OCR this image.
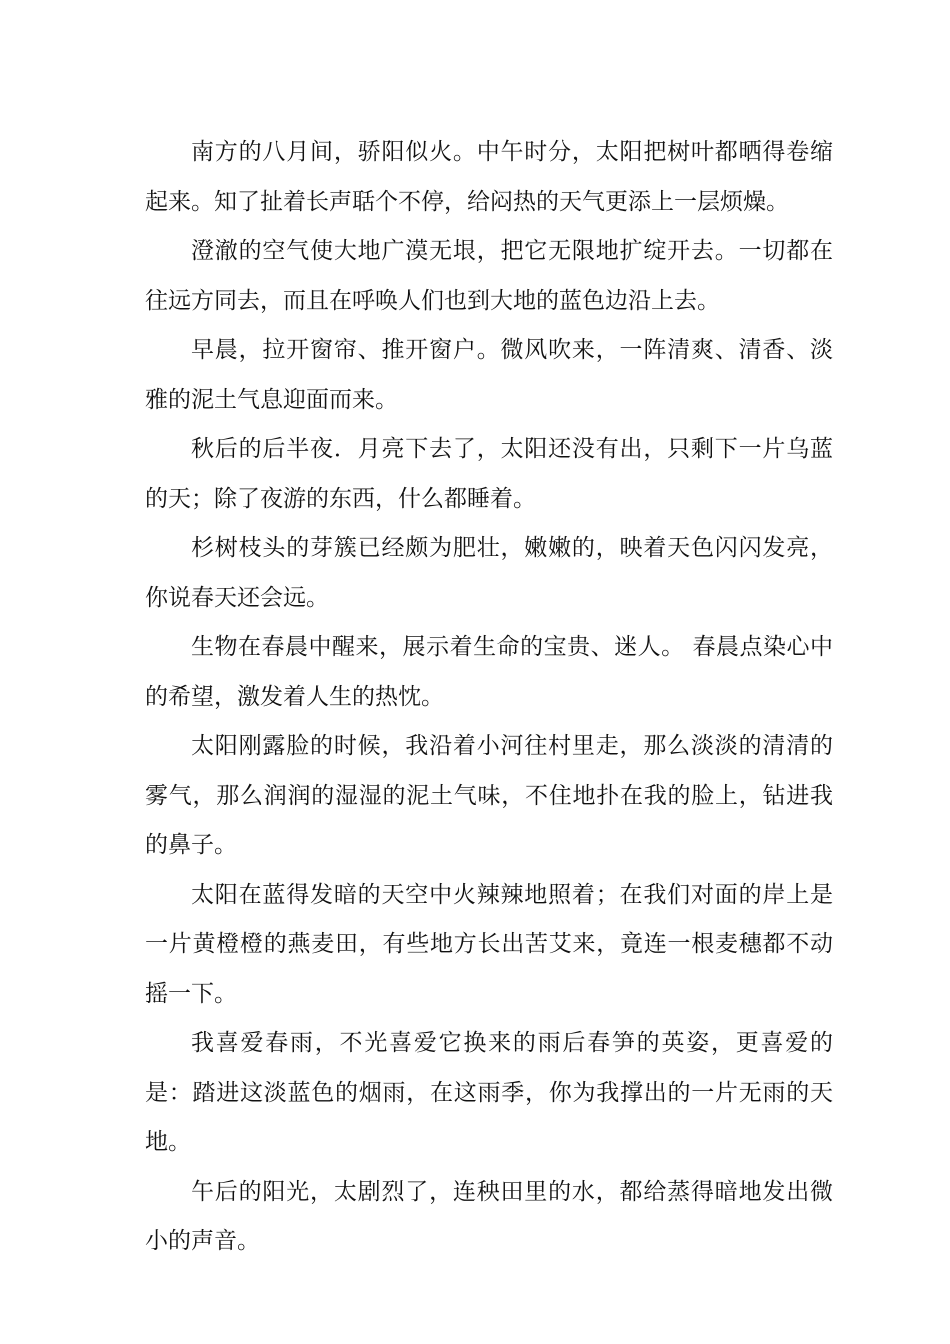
南方的八月间，骄阳似火。中午时分，太阳把树叶都晒得卷缩起来。知了扯着长声聒个不停，给闷热的天气更添上一层烦燥。

澄澈的空气使大地广漠无垠，把它无限地扩绽开去。一切都在往远方同去，而且在呼唤人们也到大地的蓝色边沿上去。

早晨，拉开窗帘、推开窗户。微风吹来，一阵清爽、清香、淡雅的泥土气息迎面而来。

秋后的后半夜．月亮下去了，太阳还没有出，只剩下一片乌蓝的天；除了夜游的东西，什么都睡着。

杉树枝头的芽簇已经颇为肥壮，嫩嫩的，映着天色闪闪发亮，你说春天还会远。

生物在春晨中醒来，展示着生命的宝贵、迷人。 春晨点染心中的希望，激发着人生的热忱。

太阳刚露脸的时候，我沿着小河往村里走，那么淡淡的清清的雾气，那么润润的湿湿的泥土气味，不住地扑在我的脸上，钻进我的鼻子。

太阳在蓝得发暗的天空中火辣辣地照着；在我们对面的岸上是一片黄橙橙的燕麦田，有些地方长出苦艾来，竟连一根麦穗都不动摇一下。

我喜爱春雨，不光喜爱它换来的雨后春笋的英姿，更喜爱的是：踏进这淡蓝色的烟雨，在这雨季，你为我撑出的一片无雨的天地。

午后的阳光，太剧烈了，连秧田里的水，都给蒸得暗地发出微小的声音。
